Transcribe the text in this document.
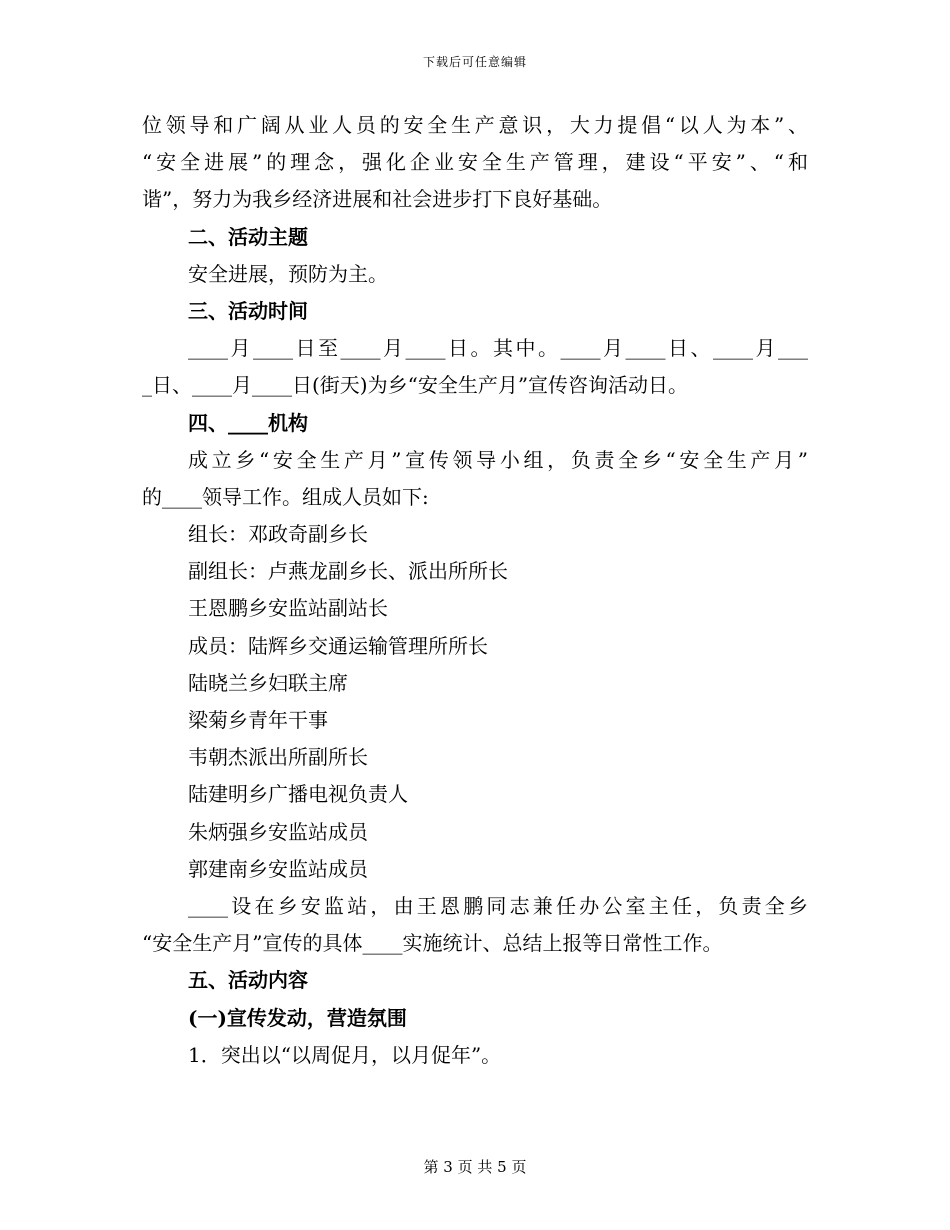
下载后可任意编辑
位领导和广阔从业人员的安全生产意识，大力提倡“以人为本”、
“安全进展”的理念，强化企业安全生产管理，建设“平安”、“和
谐”，努力为我乡经济进展和社会进步打下良好基础。
二、活动主题
安全进展，预防为主。
三、活动时间
____月____日至____月____日。其中。____月____日、____月___
_日、____月____日(街天)为乡“安全生产月”宣传咨询活动日。
四、____机构
成立乡“安全生产月”宣传领导小组，负责全乡“安全生产月”
的____领导工作。组成人员如下:
组长：邓政奇副乡长
副组长：卢燕龙副乡长、派出所所长
王恩鹏乡安监站副站长
成员：陆辉乡交通运输管理所所长
陆晓兰乡妇联主席
梁菊乡青年干事
韦朝杰派出所副所长
陆建明乡广播电视负责人
朱炳强乡安监站成员
郭建南乡安监站成员
____设在乡安监站，由王恩鹏同志兼任办公室主任，负责全乡
“安全生产月”宣传的具体____实施统计、总结上报等日常性工作。
五、活动内容
(一)宣传发动，营造氛围
1．突出以“以周促月，以月促年”。
第 3 页 共 5 页
